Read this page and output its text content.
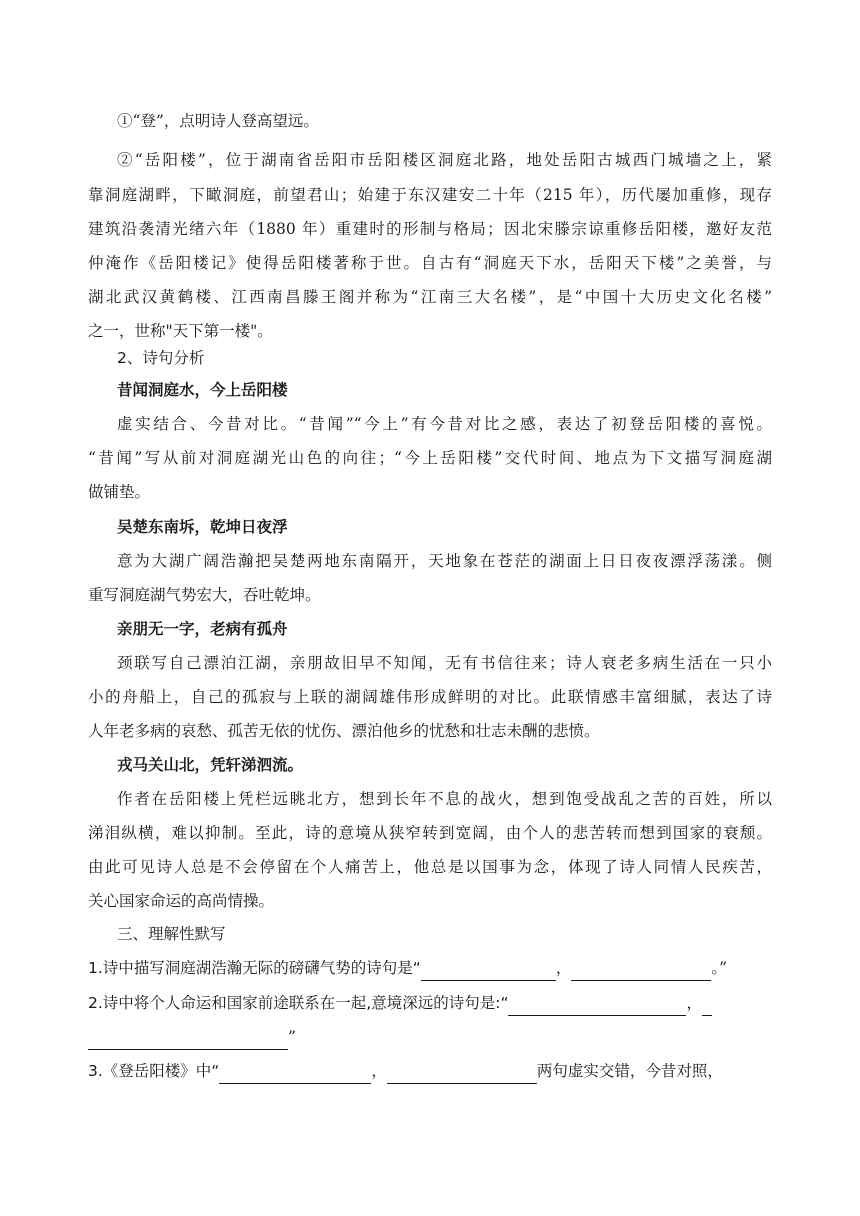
①“登”，点明诗人登高望远。
②“岳阳楼”，位于湖南省岳阳市岳阳楼区洞庭北路，地处岳阳古城西门城墙之上，紧
靠洞庭湖畔，下瞰洞庭，前望君山；始建于东汉建安二十年（215 年），历代屡加重修，现存
建筑沿袭清光绪六年（1880 年）重建时的形制与格局；因北宋滕宗谅重修岳阳楼，邀好友范
仲淹作《岳阳楼记》使得岳阳楼著称于世。自古有“洞庭天下水，岳阳天下楼”之美誉，与
湖北武汉黄鹤楼、江西南昌滕王阁并称为“江南三大名楼”，是“中国十大历史文化名楼”
之一，世称"天下第一楼"。
2、诗句分析
昔闻洞庭水，今上岳阳楼
虚实结合、今昔对比。“昔闻”“今上”有今昔对比之感，表达了初登岳阳楼的喜悦。
“昔闻”写从前对洞庭湖光山色的向往；“今上岳阳楼”交代时间、地点为下文描写洞庭湖
做铺垫。
吴楚东南坼，乾坤日夜浮
意为大湖广阔浩瀚把吴楚两地东南隔开，天地象在苍茫的湖面上日日夜夜漂浮荡漾。侧
重写洞庭湖气势宏大，吞吐乾坤。
亲朋无一字，老病有孤舟
颈联写自己漂泊江湖，亲朋故旧早不知闻，无有书信往来；诗人衰老多病生活在一只小
小的舟船上，自己的孤寂与上联的湖阔雄伟形成鲜明的对比。此联情感丰富细腻，表达了诗
人年老多病的哀愁、孤苦无依的忧伤、漂泊他乡的忧愁和壮志未酬的悲愤。
戎马关山北，凭轩涕泗流。
作者在岳阳楼上凭栏远眺北方，想到长年不息的战火，想到饱受战乱之苦的百姓，所以
涕泪纵横，难以抑制。至此，诗的意境从狭窄转到宽阔，由个人的悲苦转而想到国家的衰颓。
由此可见诗人总是不会停留在个人痛苦上，他总是以国事为念，体现了诗人同情人民疾苦，
关心国家命运的高尚情操。
三、理解性默写
1.诗中描写洞庭湖浩瀚无际的磅礴气势的诗句是“	，	。”
2.诗中将个人命运和国家前途联系在一起,意境深远的诗句是:“	，
”
3.《登岳阳楼》中“	，	两句虚实交错，今昔对照，
